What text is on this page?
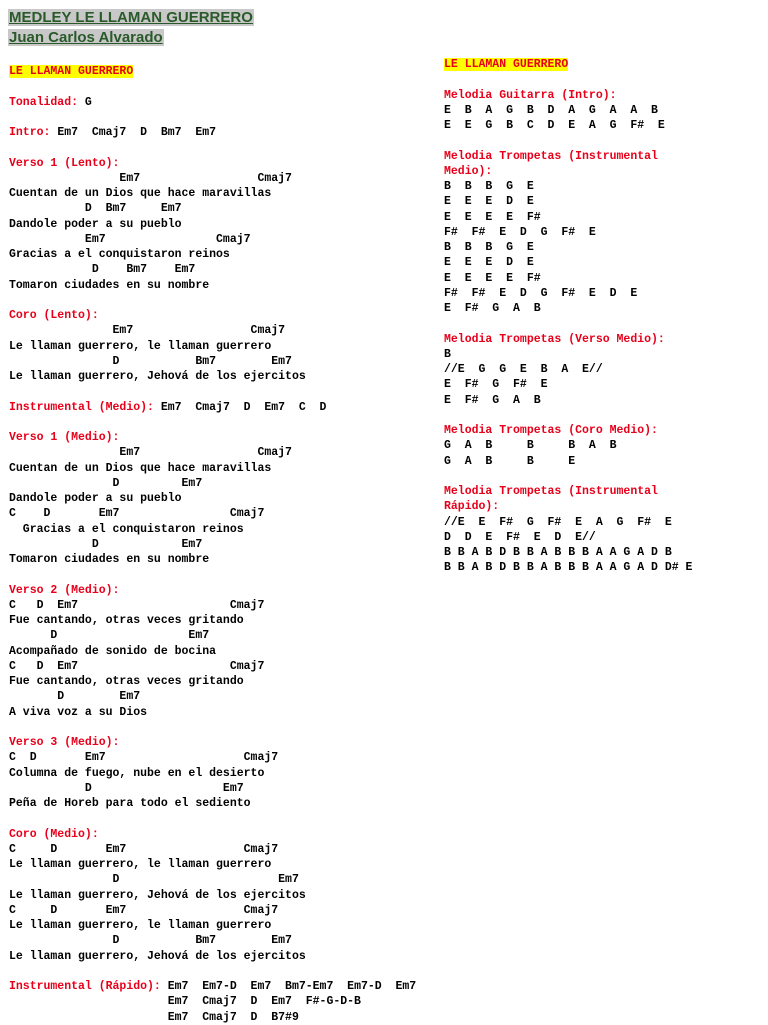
MEDLEY LE LLAMAN GUERRERO
Juan Carlos Alvarado
LE LLAMAN GUERRERO
Tonalidad: G
Intro: Em7  Cmaj7  D  Bm7  Em7
Verso 1 (Lento):
Em7                 Cmaj7
Cuentan de un Dios que hace maravillas
D  Bm7     Em7
Dandole poder a su pueblo
Em7                Cmaj7
Gracias a el conquistaron reinos
D    Bm7    Em7
Tomaron ciudades en su nombre
Coro (Lento):
Em7                 Cmaj7
Le llaman guerrero, le llaman guerrero
D           Bm7        Em7
Le llaman guerrero, Jehová de los ejercitos
Instrumental (Medio): Em7  Cmaj7  D  Em7  C  D
Verso 1 (Medio):
Em7                 Cmaj7
Cuentan de un Dios que hace maravillas
D         Em7
Dandole poder a su pueblo
C    D       Em7                Cmaj7
Gracias a el conquistaron reinos
D            Em7
Tomaron ciudades en su nombre
Verso 2 (Medio):
C   D  Em7                      Cmaj7
Fue cantando, otras veces gritando
D                   Em7
Acompañado de sonido de bocina
C   D  Em7                      Cmaj7
Fue cantando, otras veces gritando
D        Em7
A viva voz a su Dios
Verso 3 (Medio):
C  D       Em7                    Cmaj7
Columna de fuego, nube en el desierto
D                   Em7
Peña de Horeb para todo el sediento
Coro (Medio):
C     D       Em7                 Cmaj7
Le llaman guerrero, le llaman guerrero
D                       Em7
Le llaman guerrero, Jehová de los ejercitos
C     D       Em7                 Cmaj7
Le llaman guerrero, le llaman guerrero
D           Bm7        Em7
Le llaman guerrero, Jehová de los ejercitos
Instrumental (Rápido): Em7  Em7-D  Em7  Bm7-Em7  Em7-D  Em7
Em7  Cmaj7  D  Em7  F#-G-D-B
Em7  Cmaj7  D  B7#9
LE LLAMAN GUERRERO
Melodia Guitarra (Intro):
E  B  A  G  B  D  A  G  A  A  B
E  E  G  B  C  D  E  A  G  F#  E
Melodia Trompetas (Instrumental
Medio):
B  B  B  G  E
E  E  E  D  E
E  E  E  E  F#
F#  F#  E  D  G  F#  E
B  B  B  G  E
E  E  E  D  E
E  E  E  E  F#
F#  F#  E  D  G  F#  E  D  E
E  F#  G  A  B
Melodia Trompetas (Verso Medio):
B
//E  G  G  E  B  A  E//
E  F#  G  F#  E
E  F#  G  A  B
Melodia Trompetas (Coro Medio):
G  A  B     B     B  A  B
G  A  B     B     E
Melodia Trompetas (Instrumental
Rápido):
//E  E  F#  G  F#  E  A  G  F#  E
D  D  E  F#  E  D  E//
B B A B D B B A B B B A A G A D B
B B A B D B B A B B B A A G A D D# E
